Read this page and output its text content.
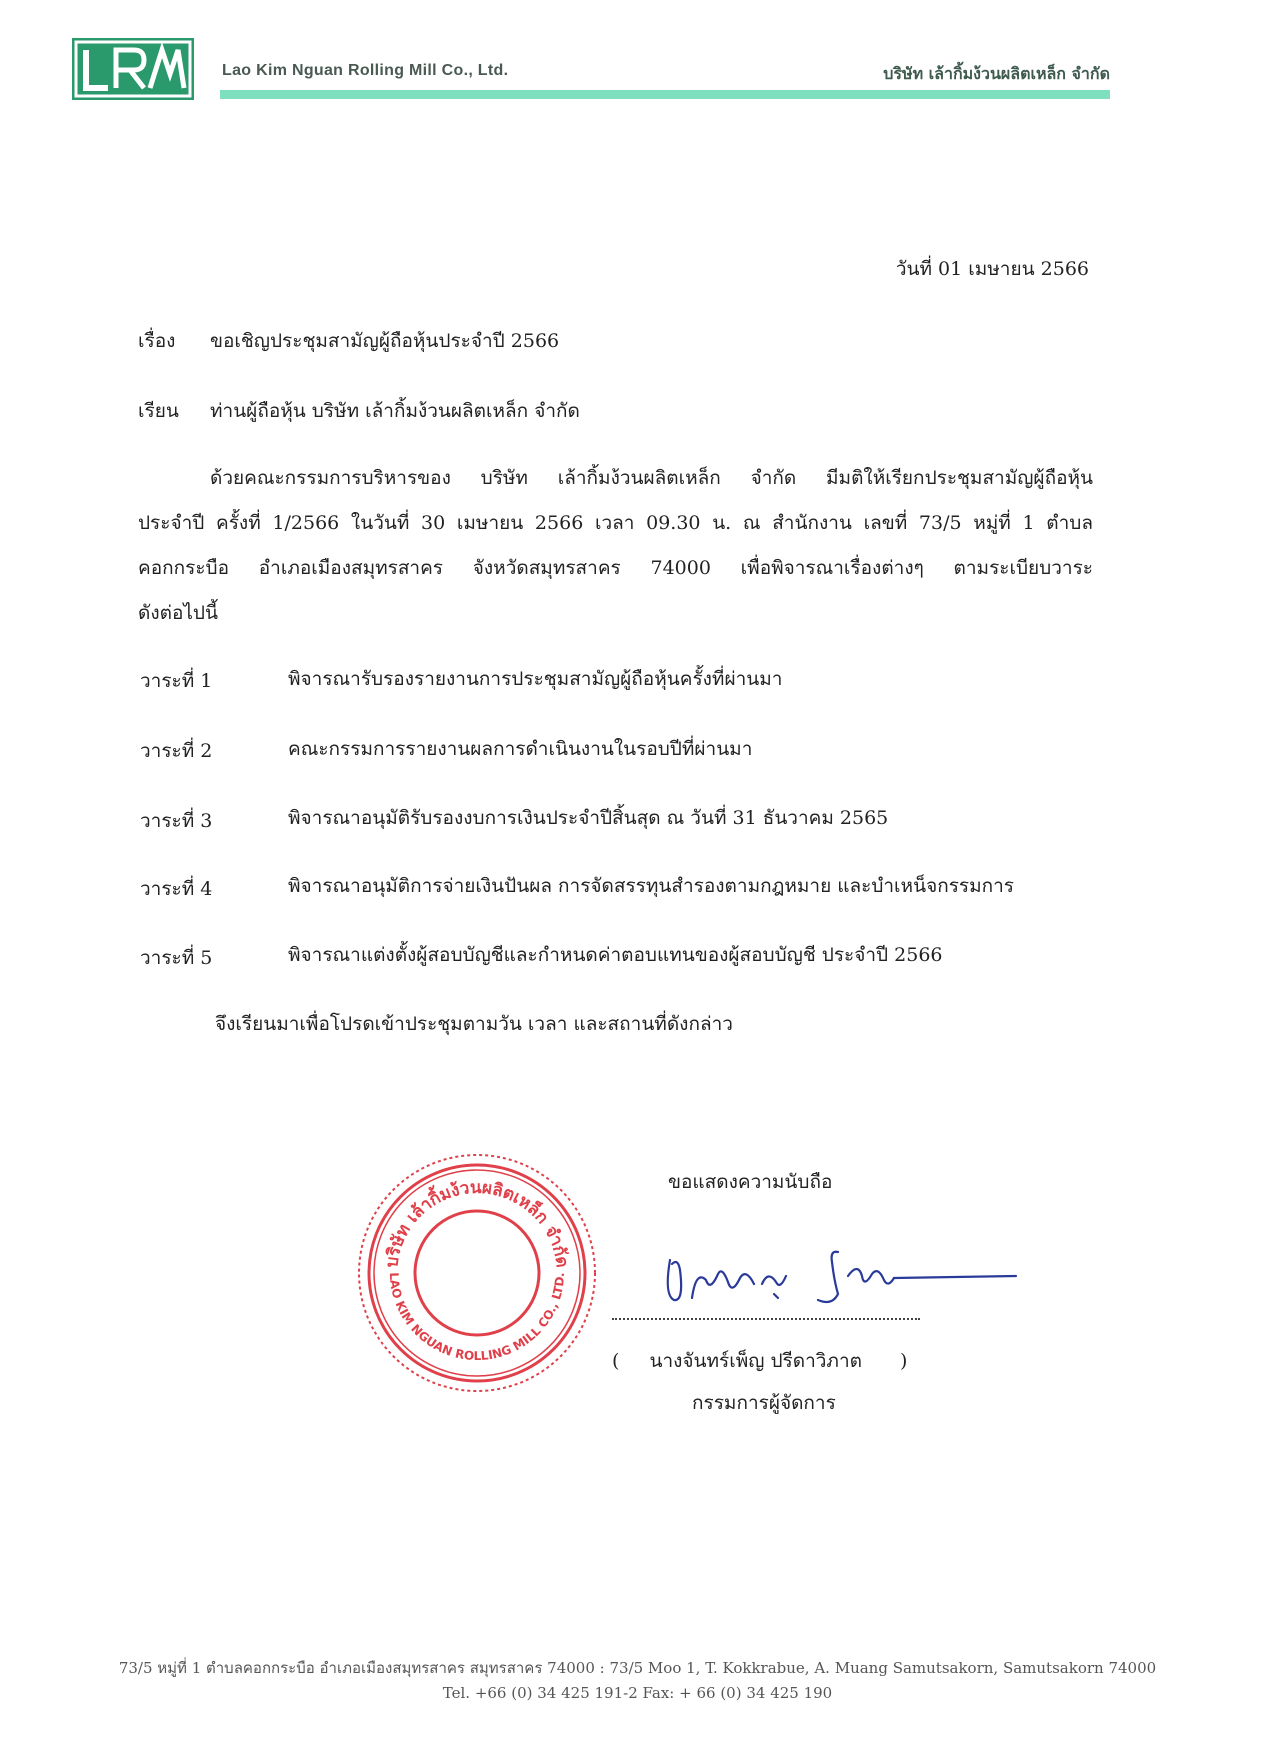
Lao Kim Nguan Rolling Mill Co., Ltd.	บริษัท เล้ากิ้มง้วนผลิตเหล็ก จำกัด
วันที่ 01 เมษายน 2566
เรื่อง ขอเชิญประชุมสามัญผู้ถือหุ้นประจำปี 2566
เรียน ท่านผู้ถือหุ้น บริษัท เล้ากิ้มง้วนผลิตเหล็ก จำกัด
ด้วยคณะกรรมการบริหารของ บริษัท เล้ากิ้มง้วนผลิตเหล็ก จำกัด มีมติให้เรียกประชุมสามัญผู้ถือหุ้น
ประจำปี ครั้งที่ 1/2566 ในวันที่ 30 เมษายน 2566 เวลา 09.30 น. ณ สำนักงาน เลขที่ 73/5 หมู่ที่ 1 ตำบล
คอกกระบือ อำเภอเมืองสมุทรสาคร จังหวัดสมุทรสาคร 74000 เพื่อพิจารณาเรื่องต่างๆ ตามระเบียบวาระ
ดังต่อไปนี้
วาระที่ 1	พิจารณารับรองรายงานการประชุมสามัญผู้ถือหุ้นครั้งที่ผ่านมา
วาระที่ 2	คณะกรรมการรายงานผลการดำเนินงานในรอบปีที่ผ่านมา
วาระที่ 3	พิจารณาอนุมัติรับรองงบการเงินประจำปีสิ้นสุด ณ วันที่ 31 ธันวาคม 2565
วาระที่ 4	พิจารณาอนุมัติการจ่ายเงินปันผล การจัดสรรทุนสำรองตามกฎหมาย และบำเหน็จกรรมการ
วาระที่ 5	พิจารณาแต่งตั้งผู้สอบบัญชีและกำหนดค่าตอบแทนของผู้สอบบัญชี ประจำปี 2566
จึงเรียนมาเพื่อโปรดเข้าประชุมตามวัน เวลา และสถานที่ดังกล่าว
บริษัท เล้ากิ้มง้วนผลิตเหล็ก จำกัด
LAO KIM NGUAN ROLLING MILL CO., LTD.
ขอแสดงความนับถือ
( นางจันทร์เพ็ญ ปรีดาวิภาต )
กรรมการผู้จัดการ
73/5 หมู่ที่ 1 ตำบลคอกกระบือ อำเภอเมืองสมุทรสาคร สมุทรสาคร 74000 : 73/5 Moo 1, T. Kokkrabue, A. Muang Samutsakorn, Samutsakorn 74000
Tel. +66 (0) 34 425 191-2 Fax: + 66 (0) 34 425 190
